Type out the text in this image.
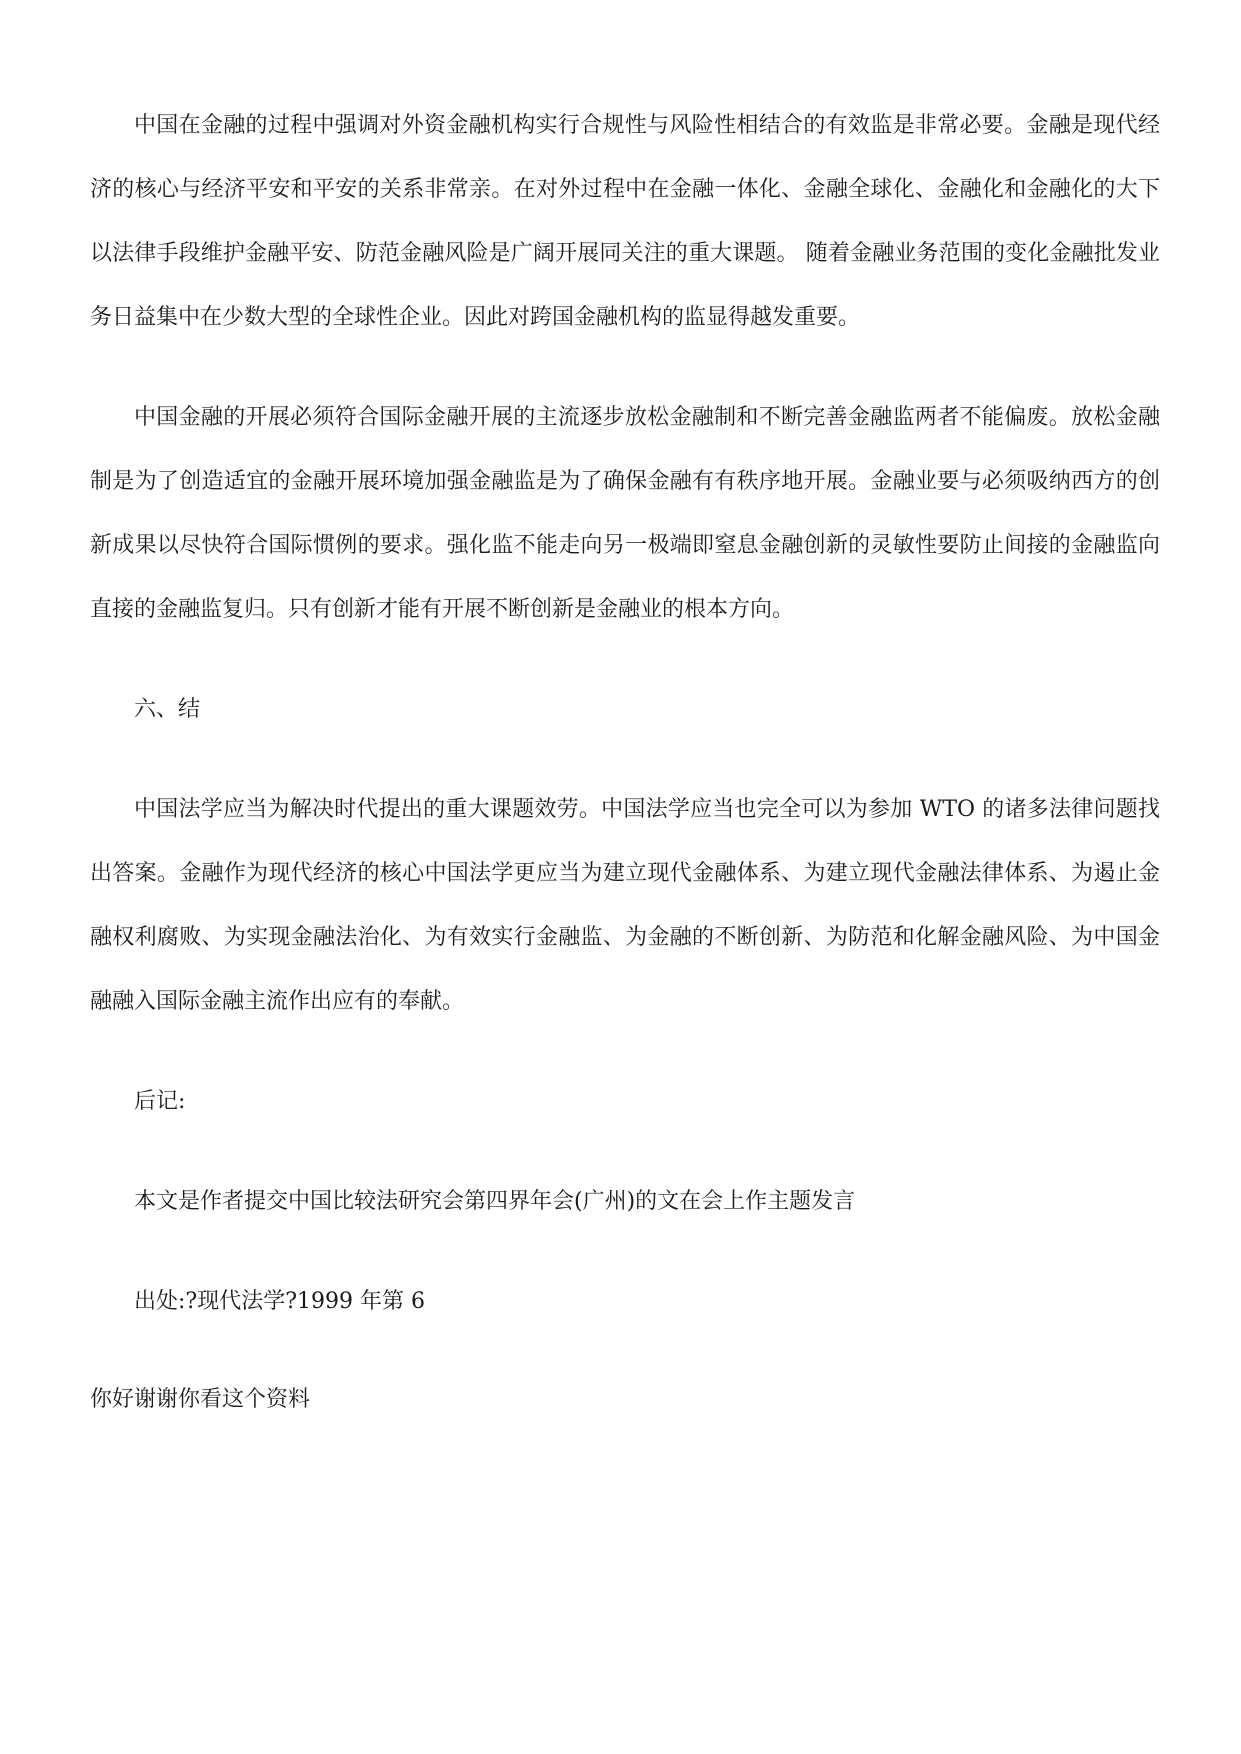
中国在金融的过程中强调对外资金融机构实行合规性与风险性相结合的有效监是非常必要。金融是现代经济的核心与经济平安和平安的关系非常亲。在对外过程中在金融一体化、金融全球化、金融化和金融化的大下以法律手段维护金融平安、防范金融风险是广阔开展同关注的重大课题。 随着金融业务范围的变化金融批发业务日益集中在少数大型的全球性企业。因此对跨国金融机构的监显得越发重要。

中国金融的开展必须符合国际金融开展的主流逐步放松金融制和不断完善金融监两者不能偏废。放松金融制是为了创造适宜的金融开展环境加强金融监是为了确保金融有有秩序地开展。金融业要与必须吸纳西方的创新成果以尽快符合国际惯例的要求。强化监不能走向另一极端即窒息金融创新的灵敏性要防止间接的金融监向直接的金融监复归。只有创新才能有开展不断创新是金融业的根本方向。

六、结

中国法学应当为解决时代提出的重大课题效劳。中国法学应当也完全可以为参加 WTO 的诸多法律问题找出答案。金融作为现代经济的核心中国法学更应当为建立现代金融体系、为建立现代金融法律体系、为遏止金融权利腐败、为实现金融法治化、为有效实行金融监、为金融的不断创新、为防范和化解金融风险、为中国金融融入国际金融主流作出应有的奉献。

后记:

本文是作者提交中国比较法研究会第四界年会(广州)的文在会上作主题发言

出处:?现代法学?1999 年第 6

你好谢谢你看这个资料
